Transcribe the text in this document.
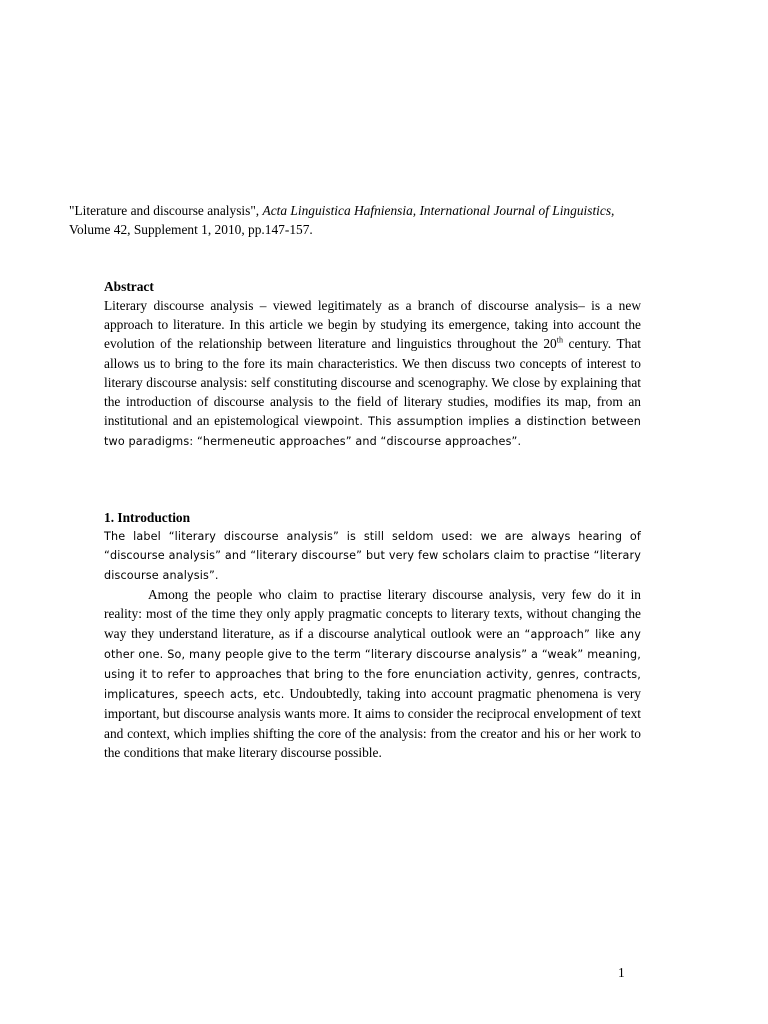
"Literature and discourse analysis", Acta Linguistica Hafniensia, International Journal of Linguistics, Volume 42, Supplement 1, 2010, pp.147-157.
Abstract
Literary discourse analysis – viewed legitimately as a branch of discourse analysis– is a new approach to literature. In this article we begin by studying its emergence, taking into account the evolution of the relationship between literature and linguistics throughout the 20th century. That allows us to bring to the fore its main characteristics. We then discuss two concepts of interest to literary discourse analysis: self constituting discourse and scenography. We close by explaining that the introduction of discourse analysis to the field of literary studies, modifies its map, from an institutional and an epistemological viewpoint. This assumption implies a distinction between two paradigms: “hermeneutic approaches” and “discourse approaches”.
1. Introduction
The label “literary discourse analysis” is still seldom used: we are always hearing of “discourse analysis” and “literary discourse” but very few scholars claim to practise “literary discourse analysis”.
Among the people who claim to practise literary discourse analysis, very few do it in reality: most of the time they only apply pragmatic concepts to literary texts, without changing the way they understand literature, as if a discourse analytical outlook were an “approach” like any other one. So, many people give to the term “literary discourse analysis” a “weak” meaning, using it to refer to approaches that bring to the fore enunciation activity, genres, contracts, implicatures, speech acts, etc. Undoubtedly, taking into account pragmatic phenomena is very important, but discourse analysis wants more. It aims to consider the reciprocal envelopment of text and context, which implies shifting the core of the analysis: from the creator and his or her work to the conditions that make literary discourse possible.
1
